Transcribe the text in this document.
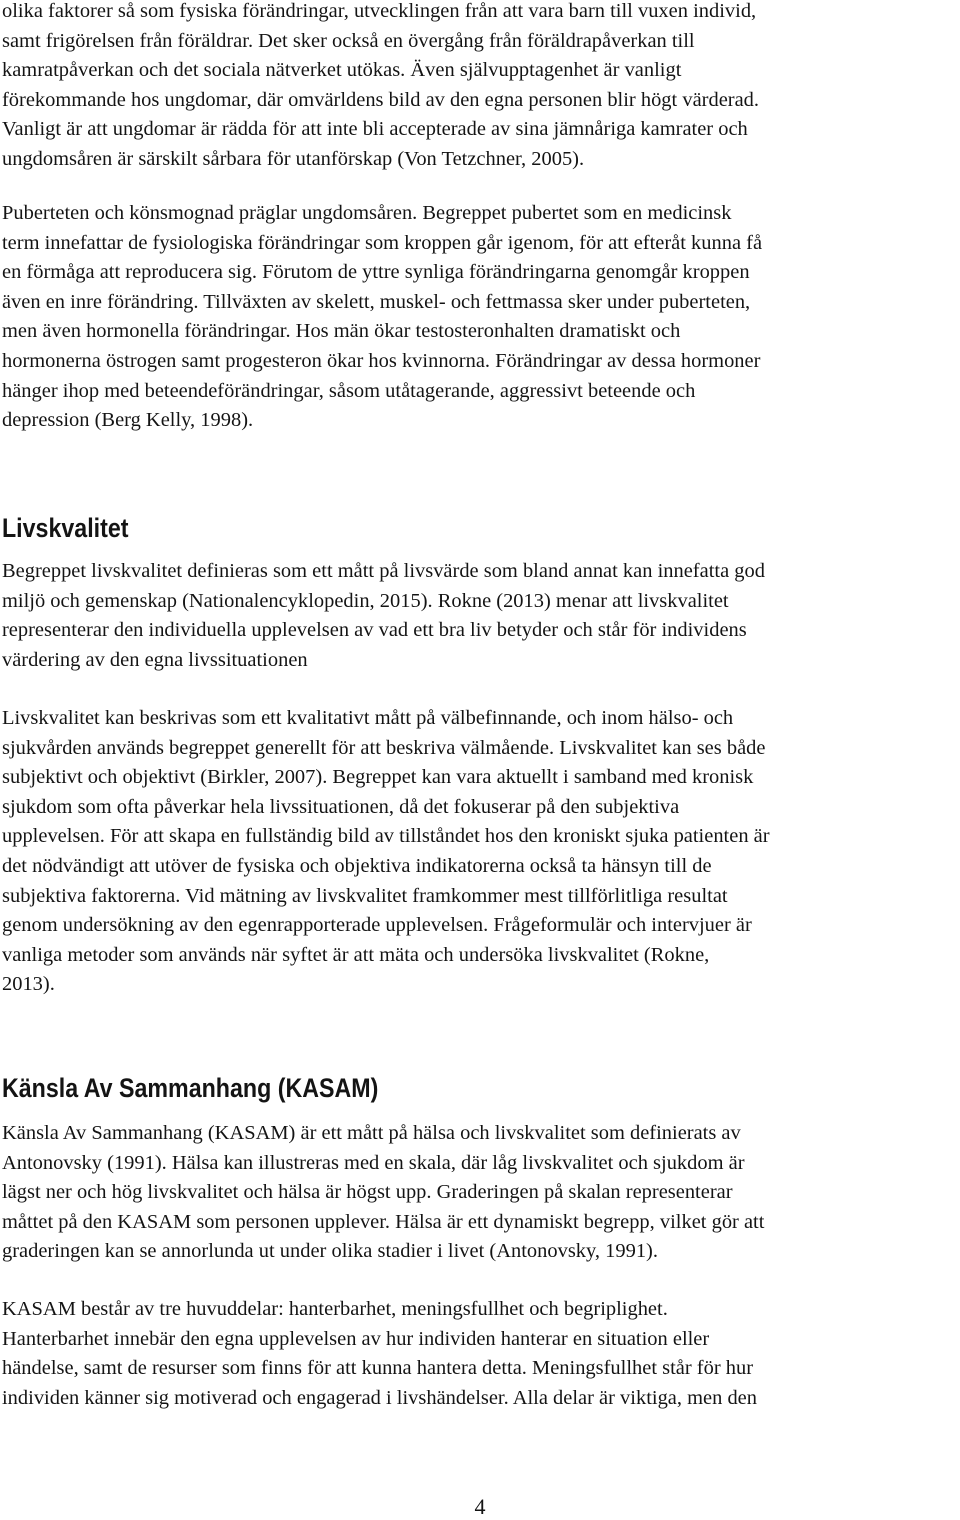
olika faktorer så som fysiska förändringar, utvecklingen från att vara barn till vuxen individ,
samt frigörelsen från föräldrar. Det sker också en övergång från föräldrapåverkan till
kamratpåverkan och det sociala nätverket utökas. Även självupptagenhet är vanligt
förekommande hos ungdomar, där omvärldens bild av den egna personen blir högt värderad.
Vanligt är att ungdomar är rädda för att inte bli accepterade av sina jämnåriga kamrater och
ungdomsåren är särskilt sårbara för utanförskap (Von Tetzchner, 2005).
Puberteten och könsmognad präglar ungdomsåren. Begreppet pubertet som en medicinsk
term innefattar de fysiologiska förändringar som kroppen går igenom, för att efteråt kunna få
en förmåga att reproducera sig. Förutom de yttre synliga förändringarna genomgår kroppen
även en inre förändring. Tillväxten av skelett, muskel- och fettmassa sker under puberteten,
men även hormonella förändringar. Hos män ökar testosteronhalten dramatiskt och
hormonerna östrogen samt progesteron ökar hos kvinnorna. Förändringar av dessa hormoner
hänger ihop med beteendeförändringar, såsom utåtagerande, aggressivt beteende och
depression (Berg Kelly, 1998).
Livskvalitet
Begreppet livskvalitet definieras som ett mått på livsvärde som bland annat kan innefatta god
miljö och gemenskap (Nationalencyklopedin, 2015). Rokne (2013) menar att livskvalitet
representerar den individuella upplevelsen av vad ett bra liv betyder och står för individens
värdering av den egna livssituationen
Livskvalitet kan beskrivas som ett kvalitativt mått på välbefinnande, och inom hälso- och
sjukvården används begreppet generellt för att beskriva välmående. Livskvalitet kan ses både
subjektivt och objektivt (Birkler, 2007). Begreppet kan vara aktuellt i samband med kronisk
sjukdom som ofta påverkar hela livssituationen, då det fokuserar på den subjektiva
upplevelsen. För att skapa en fullständig bild av tillståndet hos den kroniskt sjuka patienten är
det nödvändigt att utöver de fysiska och objektiva indikatorerna också ta hänsyn till de
subjektiva faktorerna. Vid mätning av livskvalitet framkommer mest tillförlitliga resultat
genom undersökning av den egenrapporterade upplevelsen. Frågeformulär och intervjuer är
vanliga metoder som används när syftet är att mäta och undersöka livskvalitet (Rokne,
2013).
Känsla Av Sammanhang (KASAM)
Känsla Av Sammanhang (KASAM) är ett mått på hälsa och livskvalitet som definierats av
Antonovsky (1991). Hälsa kan illustreras med en skala, där låg livskvalitet och sjukdom är
lägst ner och hög livskvalitet och hälsa är högst upp. Graderingen på skalan representerar
måttet på den KASAM som personen upplever. Hälsa är ett dynamiskt begrepp, vilket gör att
graderingen kan se annorlunda ut under olika stadier i livet (Antonovsky, 1991).
KASAM består av tre huvuddelar: hanterbarhet, meningsfullhet och begriplighet.
Hanterbarhet innebär den egna upplevelsen av hur individen hanterar en situation eller
händelse, samt de resurser som finns för att kunna hantera detta. Meningsfullhet står för hur
individen känner sig motiverad och engagerad i livshändelser. Alla delar är viktiga, men den

4
